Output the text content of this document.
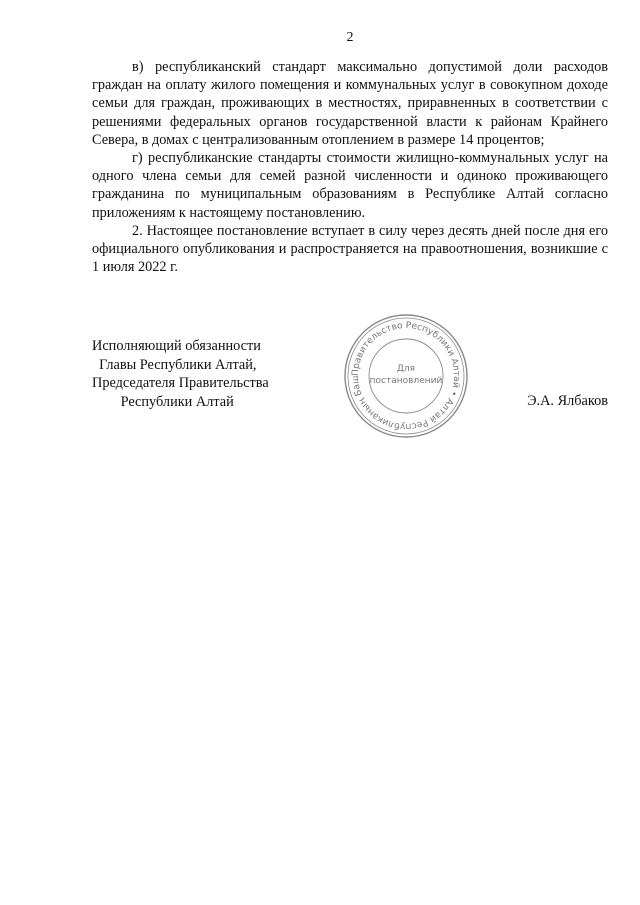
2

в) республиканский стандарт максимально допустимой доли расходов граждан на оплату жилого помещения и коммунальных услуг в совокупном доходе семьи для граждан, проживающих в местностях, приравненных в соответствии с решениями федеральных органов государственной власти к районам Крайнего Севера, в домах с централизованным отоплением в размере 14 процентов;

г) республиканские стандарты стоимости жилищно-коммунальных услуг на одного члена семьи для семей разной численности и одиноко проживающего гражданина по муниципальным образованиям в Республике Алтай согласно приложениям к настоящему постановлению.

2. Настоящее постановление вступает в силу через десять дней после дня его официального опубликования и распространяется на правоотношения, возникшие с 1 июля 2022 г.

Исполняющий обязанности
Главы Республики Алтай,
Председателя Правительства
Республики Алтай	Э.А. Ялбаков
Правительство Республики Алтай • Алтай Республиканың Баш
Для
постановлений
